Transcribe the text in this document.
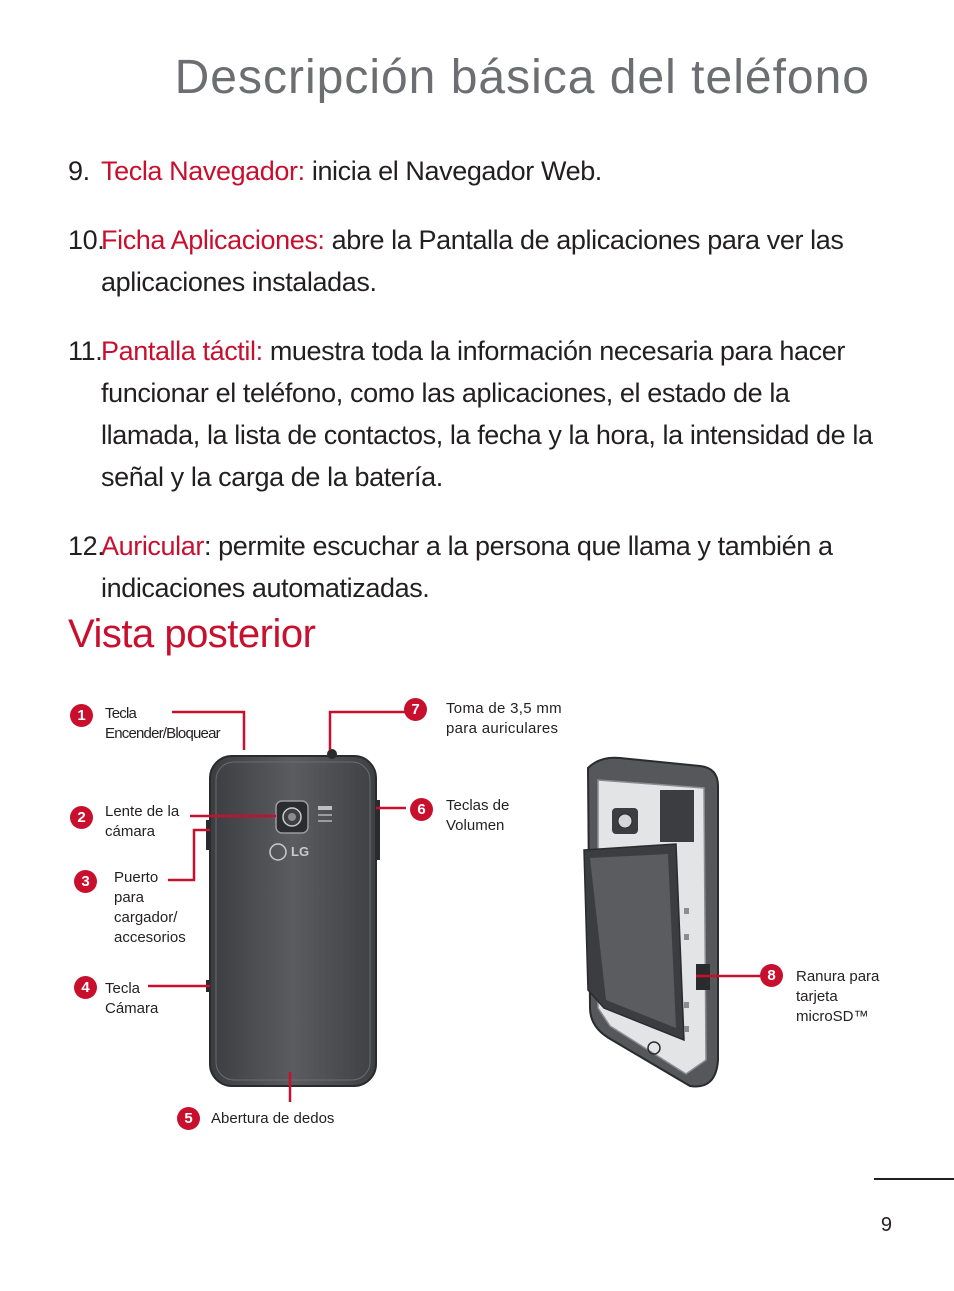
Descripción básica del teléfono

9. Tecla Navegador: inicia el Navegador Web.

10.
Ficha Aplicaciones: abre la Pantalla de aplicaciones para ver las aplicaciones instaladas.

11.
Pantalla táctil: muestra toda la información necesaria para hacer funcionar el teléfono, como las aplicaciones, el estado de la llamada, la lista de contactos, la fecha y la hora, la intensidad de la señal y la carga de la batería.

12.
Auricular: permite escuchar a la persona que llama y también a indicaciones automatizadas.

Vista posterior
1	Tecla
Encender/Bloquear

2	Lente de la
cámara

3	Puerto
para
cargador/
accesorios

4	Tecla
Cámara

5	Abertura de dedos

6	Teclas de
Volumen

7	Toma de 3,5 mm
para auriculares

8	Ranura para
tarjeta
microSD™

LG
9
